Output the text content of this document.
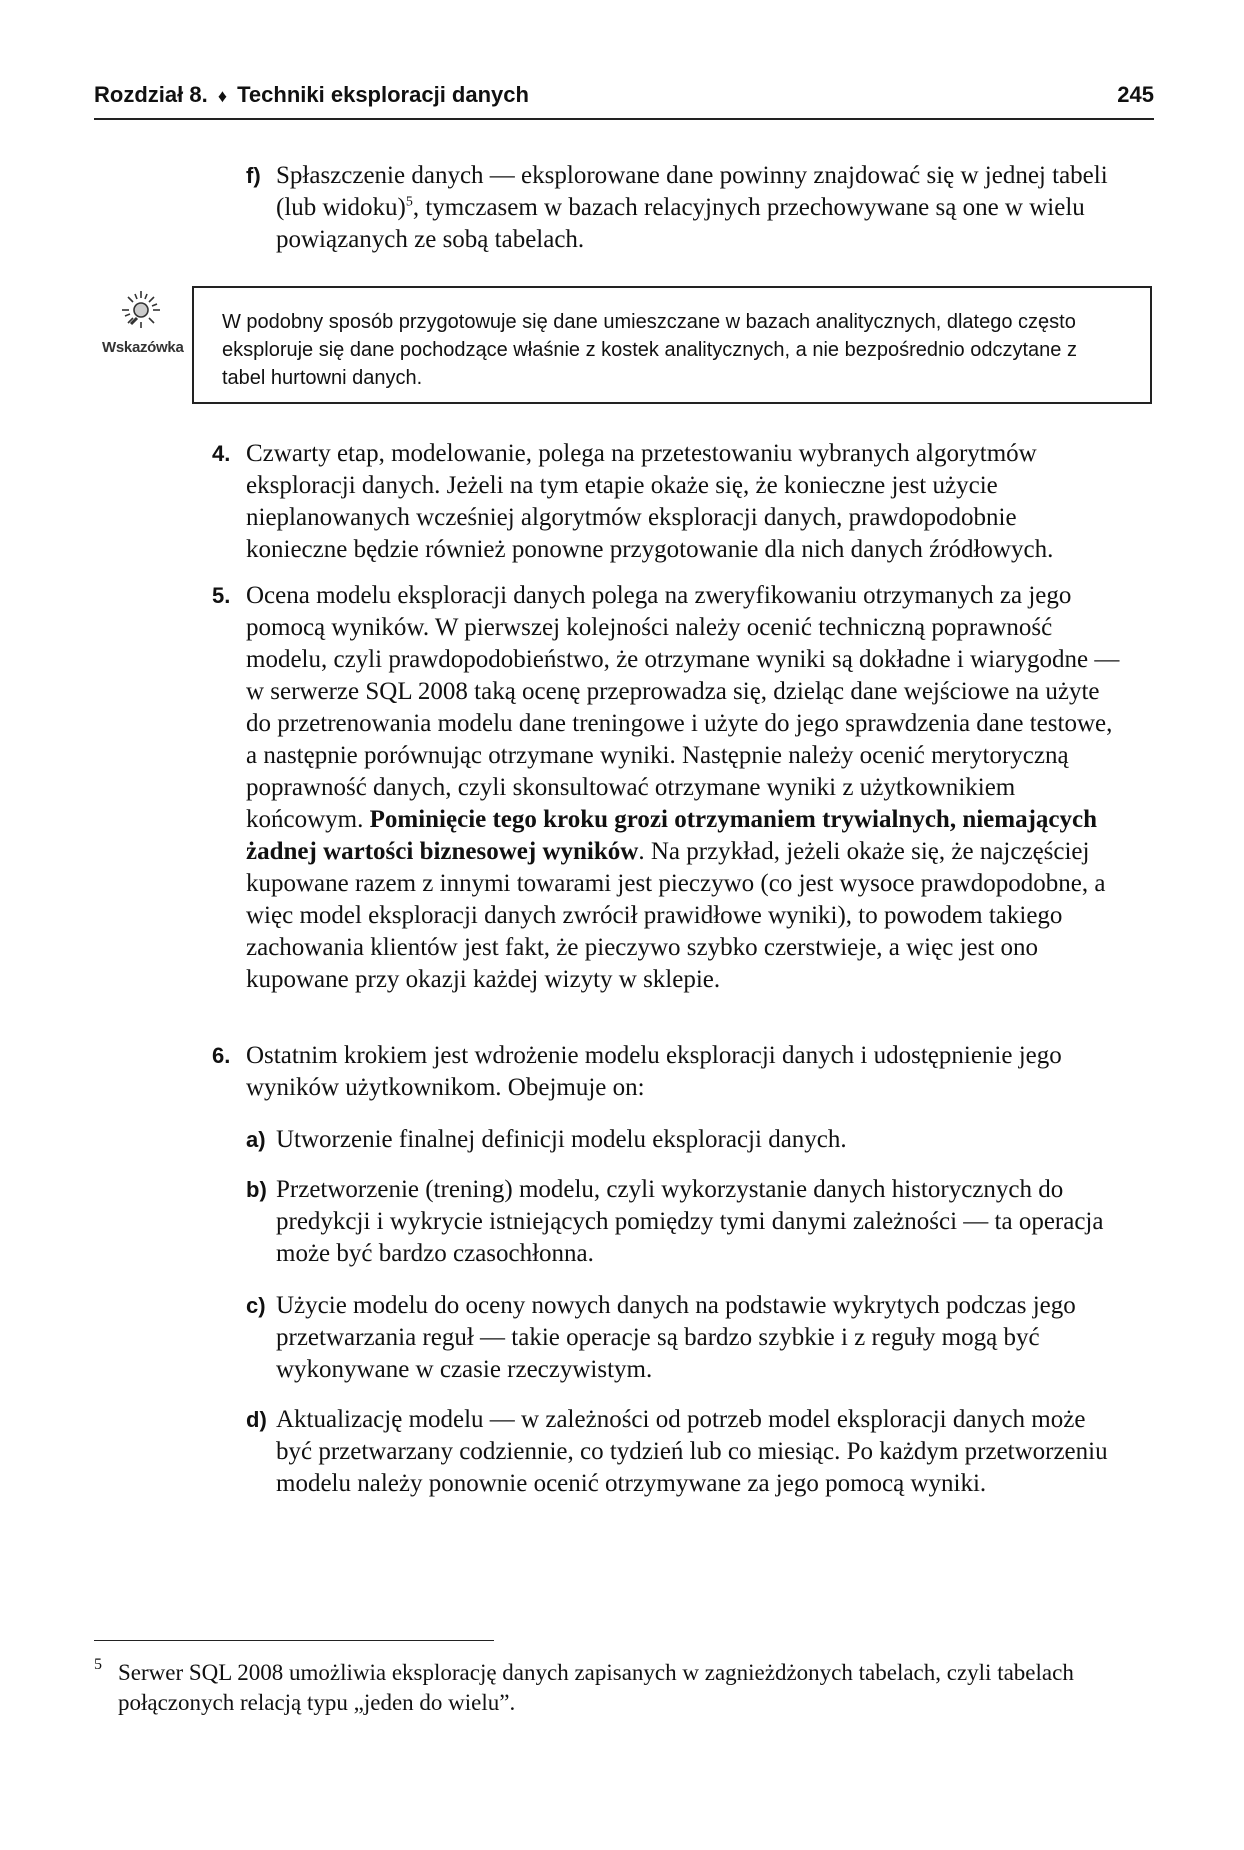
Rozdział 8. ♦ Techniki eksploracji danych	245
f) Spłaszczenie danych — eksplorowane dane powinny znajdować się w jednej tabeli (lub widoku)$^5$, tymczasem w bazach relacyjnych przechowywane są one w wielu powiązanych ze sobą tabelach.
Wskazówka
W podobny sposób przygotowuje się dane umieszczane w bazach analitycznych, dlatego często eksploruje się dane pochodzące właśnie z kostek analitycznych, a nie bezpośrednio odczytane z tabel hurtowni danych.
4. Czwarty etap, modelowanie, polega na przetestowaniu wybranych algorytmów eksploracji danych. Jeżeli na tym etapie okaże się, że konieczne jest użycie nieplanowanych wcześniej algorytmów eksploracji danych, prawdopodobnie konieczne będzie również ponowne przygotowanie dla nich danych źródłowych.
5. Ocena modelu eksploracji danych polega na zweryfikowaniu otrzymanych za jego pomocą wyników. W pierwszej kolejności należy ocenić techniczną poprawność modelu, czyli prawdopodobieństwo, że otrzymane wyniki są dokładne i wiarygodne — w serwerze SQL 2008 taką ocenę przeprowadza się, dzieląc dane wejściowe na użyte do przetrenowania modelu dane treningowe i użyte do jego sprawdzenia dane testowe, a następnie porównując otrzymane wyniki. Następnie należy ocenić merytoryczną poprawność danych, czyli skonsultować otrzymane wyniki z użytkownikiem końcowym. Pominięcie tego kroku grozi otrzymaniem trywialnych, niemających żadnej wartości biznesowej wyników. Na przykład, jeżeli okaże się, że najczęściej kupowane razem z innymi towarami jest pieczywo (co jest wysoce prawdopodobne, a więc model eksploracji danych zwrócił prawidłowe wyniki), to powodem takiego zachowania klientów jest fakt, że pieczywo szybko czerstwieje, a więc jest ono kupowane przy okazji każdej wizyty w sklepie.
6. Ostatnim krokiem jest wdrożenie modelu eksploracji danych i udostępnienie jego wyników użytkownikom. Obejmuje on:
a) Utworzenie finalnej definicji modelu eksploracji danych.
b) Przetworzenie (trening) modelu, czyli wykorzystanie danych historycznych do predykcji i wykrycie istniejących pomiędzy tymi danymi zależności — ta operacja może być bardzo czasochłonna.
c) Użycie modelu do oceny nowych danych na podstawie wykrytych podczas jego przetwarzania reguł — takie operacje są bardzo szybkie i z reguły mogą być wykonywane w czasie rzeczywistym.
d) Aktualizację modelu — w zależności od potrzeb model eksploracji danych może być przetwarzany codziennie, co tydzień lub co miesiąc. Po każdym przetworzeniu modelu należy ponownie ocenić otrzymywane za jego pomocą wyniki.
5 Serwer SQL 2008 umożliwia eksplorację danych zapisanych w zagnieżdżonych tabelach, czyli tabelach połączonych relacją typu „jeden do wielu”.
